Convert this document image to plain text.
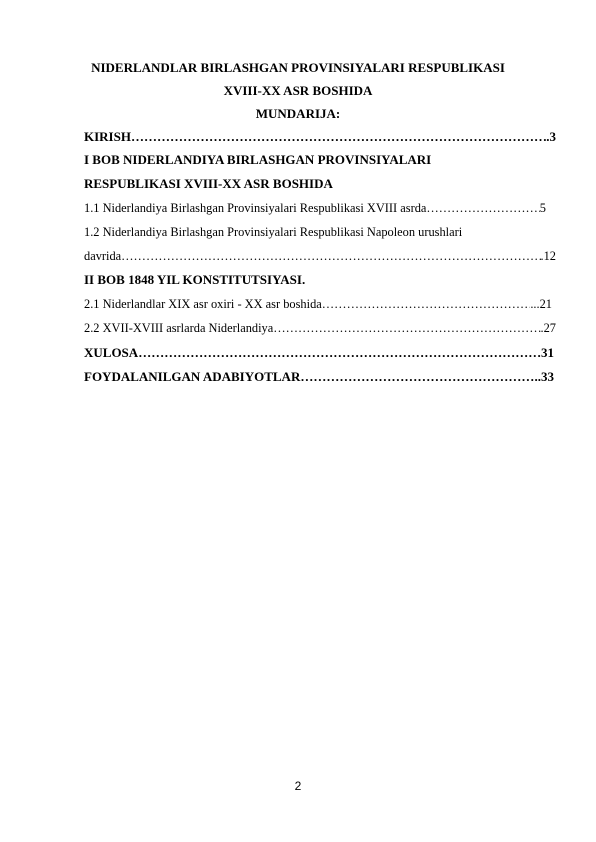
NIDERLANDLAR BIRLASHGAN PROVINSIYALARI RESPUBLIKASI
XVIII-XX ASR BOSHIDA
MUNDARIJA:
KIRISH ……………………………………………………………………………………………………………………………………………………………………………	.3
I BOB NIDERLANDIYA BIRLASHGAN PROVINSIYALARI
RESPUBLIKASI XVIII-XX ASR BOSHIDA
1.1 Niderlandiya Birlashgan Provinsiyalari Respublikasi XVIII asrda ……………………………………………………………………………………………………………………………………………………………………………	5
1.2 Niderlandiya Birlashgan Provinsiyalari Respublikasi Napoleon urushlari
davrida ……………………………………………………………………………………………………………………………………………………………………………	.12
II BOB 1848 YIL KONSTITUTSIYASI.
2.1 Niderlandlar XIX asr oxiri - XX asr boshida ……………………………………………………………………………………………………………………………………………………………………………	...21
2.2 XVII-XVIII asrlarda Niderlandiya ……………………………………………………………………………………………………………………………………………………………………………	.27
XULOSA ……………………………………………………………………………………………………………………………………………………………………………	31
FOYDALANILGAN ADABIYOTLAR ……………………………………………………………………………………………………………………………………………………………………………	..33
2
